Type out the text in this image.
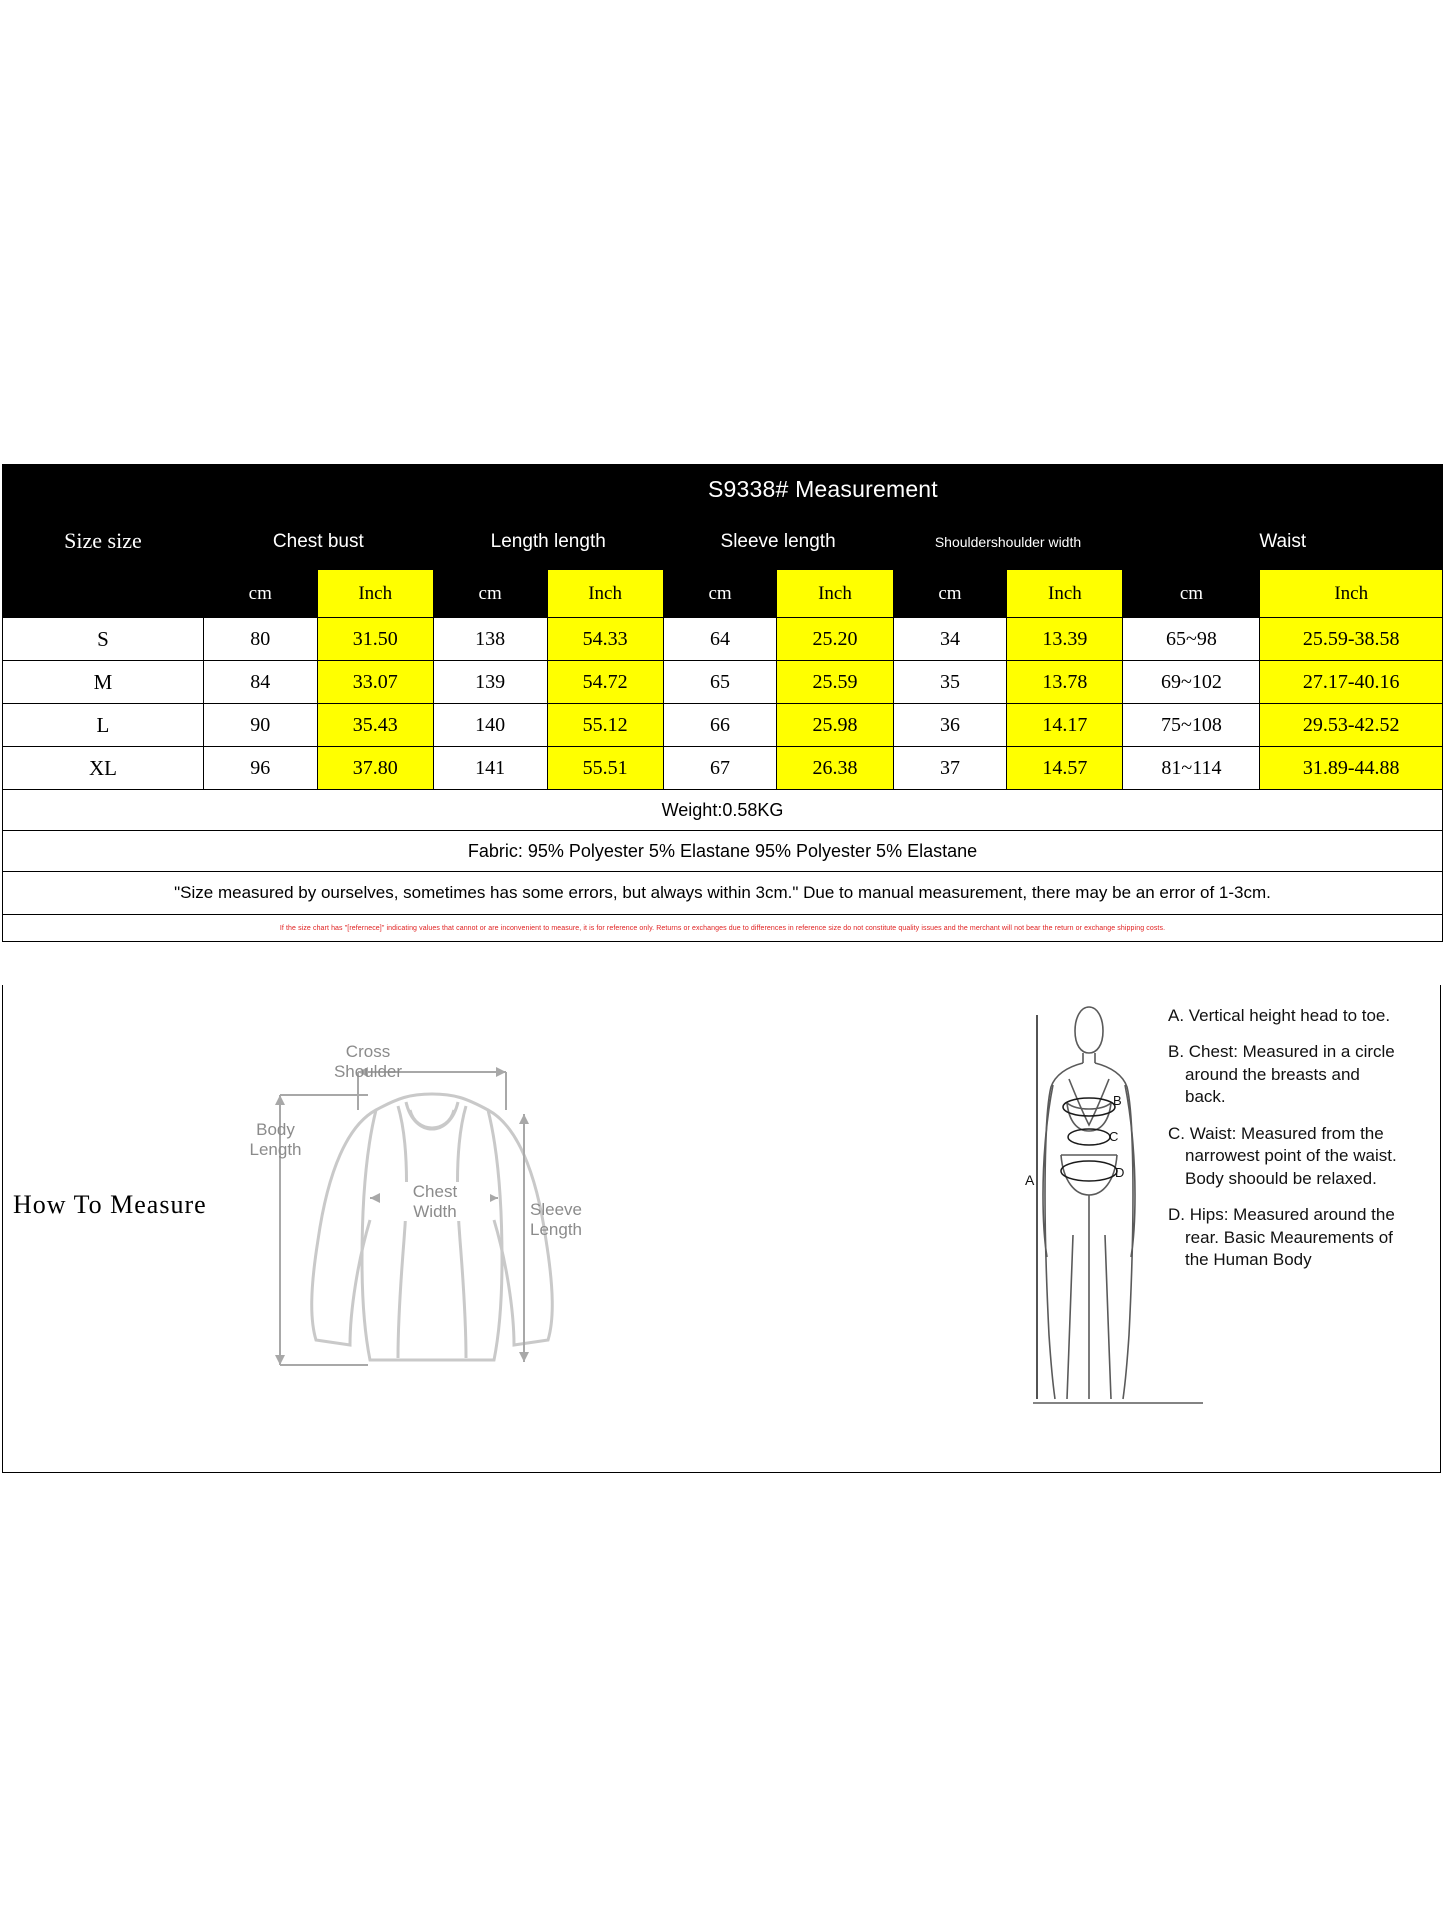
Size size	S9338# Measurement									
	Chest bust		Length length		Sleeve length		Shouldershoulder width		Waist	
	cm	Inch	cm	Inch	cm	Inch	cm	Inch	cm	Inch
S	80	31.50	138	54.33	64	25.20	34	13.39	65~98	25.59-38.58
M	84	33.07	139	54.72	65	25.59	35	13.78	69~102	27.17-40.16
L	90	35.43	140	55.12	66	25.98	36	14.17	75~108	29.53-42.52
XL	96	37.80	141	55.51	67	26.38	37	14.57	81~114	31.89-44.88
Weight:0.58KG										
Fabric: 95% Polyester 5% Elastane 95% Polyester 5% Elastane										
"Size measured by ourselves, sometimes has some errors, but always within 3cm." Due to manual measurement, there may be an error of 1-3cm.										
If the size chart has "[refernece]" indicating values that cannot or are inconvenient to measure, it is for reference only. Returns or exchanges due to differences in reference size do not constitute quality issues and the merchant will not bear the return or exchange shipping costs.										
How To Measure
Cross
Shoulder
Body
Length
Chest
Width	Sleeve
Length
B
C
D
A

A. Vertical height head to toe.

B. Chest: Measured in a circle around the breasts and back.

C. Waist: Measured from the narrowest point of the waist. Body shoould be relaxed.

D. Hips: Measured around the rear. Basic Meaurements of the Human Body
